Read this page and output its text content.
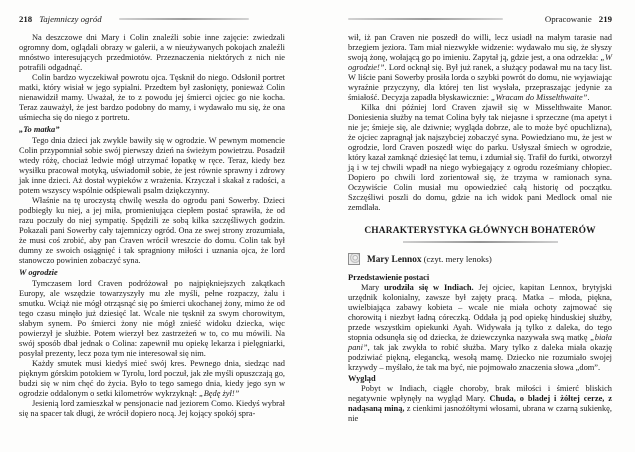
218 Tajemniczy ogród

Na deszczowe dni Mary i Colin znaleźli sobie inne zajęcie: zwiedzali ogromny dom, oglądali obrazy w galerii, a w nieużywanych pokojach znaleźli mnóstwo interesujących przedmiotów. Przeznaczenia niektórych z nich nie potrafili odgadnąć.

Colin bardzo wyczekiwał powrotu ojca. Tęsknił do niego. Odsłonił portret matki, który wisiał w jego sypialni. Przedtem był zasłonięty, ponieważ Colin nienawidził mamy. Uważał, że to z powodu jej śmierci ojciec go nie kocha. Teraz zauważył, że jest bardzo podobny do mamy, i wydawało mu się, że ona uśmiecha się do niego z portretu.

„To matka”

Tego dnia dzieci jak zwykle bawiły się w ogrodzie. W pewnym momencie Colin przypomniał sobie swój pierwszy dzień na świeżym powietrzu. Posadził wtedy różę, chociaż ledwie mógł utrzymać łopatkę w ręce. Teraz, kiedy bez wysiłku pracował motyką, uświadomił sobie, że jest równie sprawny i zdrowy jak inne dzieci. Aż dostał wypieków z wrażenia. Krzyczał i skakał z radości, a potem wszyscy wspólnie odśpiewali psalm dziękczynny.

Właśnie na tę uroczystą chwilę weszła do ogrodu pani Sowerby. Dzieci podbiegły ku niej, a jej miła, promieniująca ciepłem postać sprawiła, że od razu poczuły do niej sympatię. Spędzili ze sobą kilka szczęśliwych godzin. Pokazali pani Sowerby cały tajemniczy ogród. Ona ze swej strony zrozumiała, że musi coś zrobić, aby pan Craven wrócił wreszcie do domu. Colin tak był dumny ze swoich osiągnięć i tak spragniony miłości i uznania ojca, że lord stanowczo powinien zobaczyć syna.

W ogrodzie

Tymczasem lord Craven podróżował po najpiękniejszych zakątkach Europy, ale wszędzie towarzyszyły mu złe myśli, pełne rozpaczy, żalu i smutku. Wciąż nie mógł otrząsnąć się po śmierci ukochanej żony, mimo że od tego czasu minęło już dziesięć lat. Wcale nie tęsknił za swym chorowitym, słabym synem. Po śmierci żony nie mógł znieść widoku dziecka, więc powierzył je służbie. Potem wierzył bez zastrzeżeń w to, co mu mówili. Na swój sposób dbał jednak o Colina: zapewnił mu opiekę lekarza i pielęgniarki, posyłał prezenty, lecz poza tym nie interesował się nim.

Każdy smutek musi kiedyś mieć swój kres. Pewnego dnia, siedząc nad pięknym górskim potokiem w Tyrolu, lord poczuł, jak złe myśli opuszczają go, budzi się w nim chęć do życia. Było to tego samego dnia, kiedy jego syn w ogrodzie oddalonym o setki kilometrów wykrzyknął: „Będę żył!”

Jesienią lord zamieszkał w pensjonacie nad jeziorem Como. Kiedyś wybrał się na spacer tak długi, że wrócił dopiero nocą. Jej kojący spokój spra-

Opracowanie 219

wił, iż pan Craven nie poszedł do willi, lecz usiadł na małym tarasie nad brzegiem jeziora. Tam miał niezwykłe widzenie: wydawało mu się, że słyszy swoją żonę, wołającą go po imieniu. Zapytał ją, gdzie jest, a ona odrzekła: „W ogrodzie!”. Lord ocknął się. Był już ranek, a służący podawał mu na tacy list. W liście pani Sowerby prosiła lorda o szybki powrót do domu, nie wyjawiając wyraźnie przyczyny, dla której ten list wysłała, przepraszając jedynie za śmiałość. Decyzja zapadła błyskawicznie: „Wracam do Misselthwaite”.

Kilka dni później lord Craven zjawił się w Misselthwaite Manor. Doniesienia służby na temat Colina były tak niejasne i sprzeczne (ma apetyt i nie je; śmieje się, ale dziwnie; wygląda dobrze, ale to może być opuchlizna), że ojciec zapragnął jak najszybciej zobaczyć syna. Powiedziano mu, że jest w ogrodzie, lord Craven poszedł więc do parku. Usłyszał śmiech w ogrodzie, który kazał zamknąć dziesięć lat temu, i zdumiał się. Trafił do furtki, otworzył ją i w tej chwili wpadł na niego wybiegający z ogrodu roześmiany chłopiec. Dopiero po chwili lord zorientował się, że trzyma w ramionach syna. Oczywiście Colin musiał mu opowiedzieć całą historię od początku. Szczęśliwi poszli do domu, gdzie na ich widok pani Medlock omal nie zemdlała.

CHARAKTERYSTYKA GŁÓWNYCH BOHATERÓW

Mary Lennox (czyt. mery lenoks)

Przedstawienie postaci

Mary urodziła się w Indiach. Jej ojciec, kapitan Lennox, brytyjski urzędnik kolonialny, zawsze był zajęty pracą. Matka – młoda, piękna, uwielbiająca zabawy kobieta – wcale nie miała ochoty zajmować się chorowitą i niezbyt ładną córeczką. Oddała ją pod opiekę hinduskiej służby, przede wszystkim opiekunki Ayah. Widywała ją tylko z daleka, do tego stopnia odsunęła się od dziecka, że dziewczynka nazywała swą matkę „biała pani”, tak jak zwykła to robić służba. Mary tylko z daleka miała okazję podziwiać piękną, elegancką, wesołą mamę. Dziecko nie rozumiało swojej krzywdy – myślało, że tak ma być, nie pojmowało znaczenia słowa „dom”.

Wygląd

Pobyt w Indiach, ciągłe choroby, brak miłości i śmierć bliskich negatywnie wpłynęły na wygląd Mary. Chuda, o bladej i żółtej cerze, z nadąsaną miną, z cienkimi jasnożółtymi włosami, ubrana w czarną sukienkę, nie
